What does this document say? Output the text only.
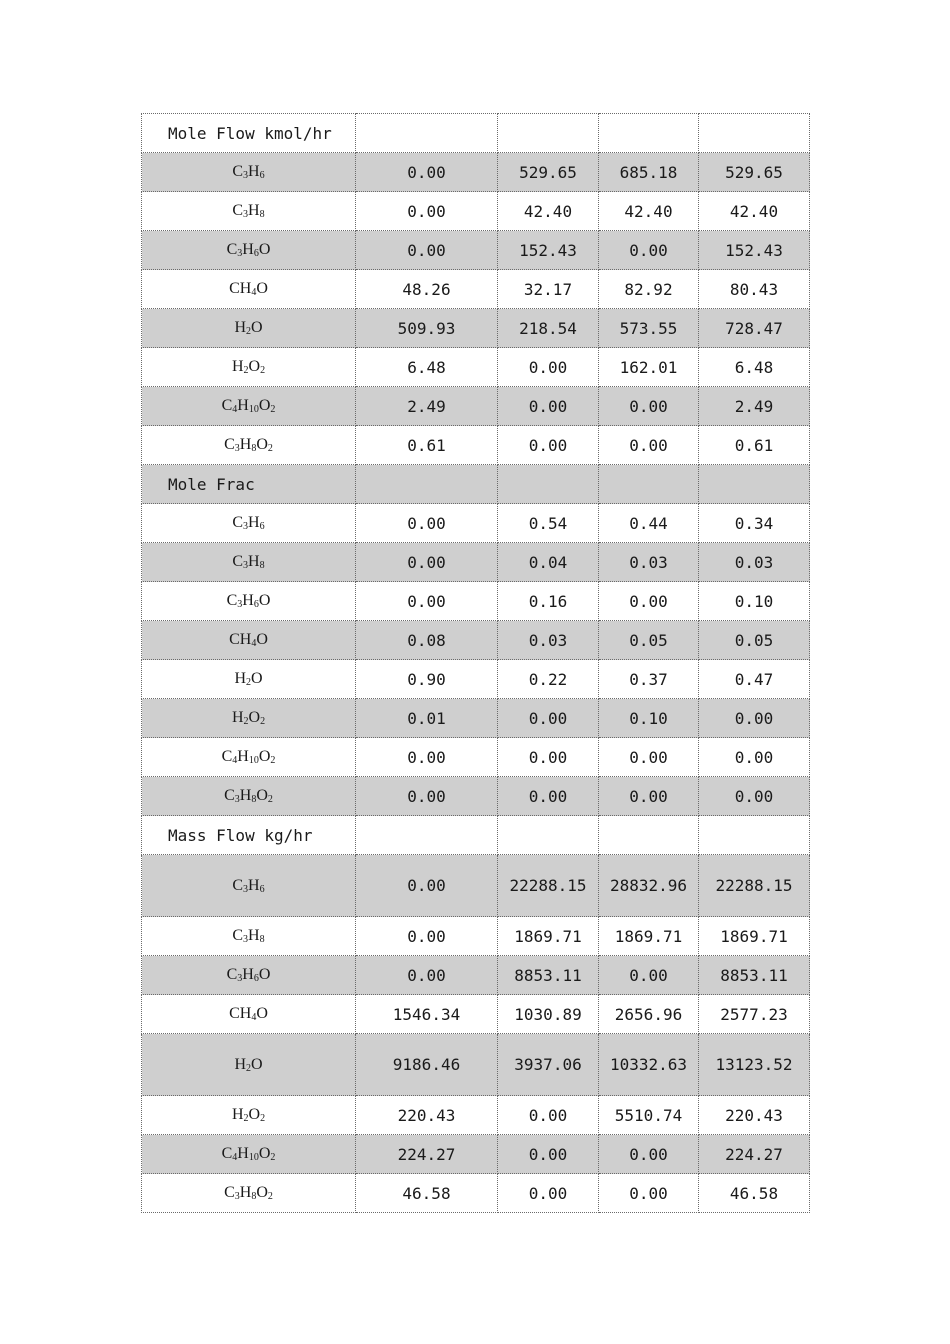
Mole Flow kmol/hr				
$C_3H_6$	0.00	529.65	685.18	529.65
$C_3H_8$	0.00	42.40	42.40	42.40
$C_3H_6O$	0.00	152.43	0.00	152.43
$CH_4O$	48.26	32.17	82.92	80.43
$H_2O$	509.93	218.54	573.55	728.47
$H_2O_2$	6.48	0.00	162.01	6.48
$C_4H_{10}O_2$	2.49	0.00	0.00	2.49
$C_3H_8O_2$	0.61	0.00	0.00	0.61
Mole Frac				
$C_3H_6$	0.00	0.54	0.44	0.34
$C_3H_8$	0.00	0.04	0.03	0.03
$C_3H_6O$	0.00	0.16	0.00	0.10
$CH_4O$	0.08	0.03	0.05	0.05
$H_2O$	0.90	0.22	0.37	0.47
$H_2O_2$	0.01	0.00	0.10	0.00
$C_4H_{10}O_2$	0.00	0.00	0.00	0.00
$C_3H_8O_2$	0.00	0.00	0.00	0.00
Mass Flow kg/hr				
$C_3H_6$	0.00	22288.15	28832.96	22288.15
$C_3H_8$	0.00	1869.71	1869.71	1869.71
$C_3H_6O$	0.00	8853.11	0.00	8853.11
$CH_4O$	1546.34	1030.89	2656.96	2577.23
$H_2O$	9186.46	3937.06	10332.63	13123.52
$H_2O_2$	220.43	0.00	5510.74	220.43
$C_4H_{10}O_2$	224.27	0.00	0.00	224.27
$C_3H_8O_2$	46.58	0.00	0.00	46.58
